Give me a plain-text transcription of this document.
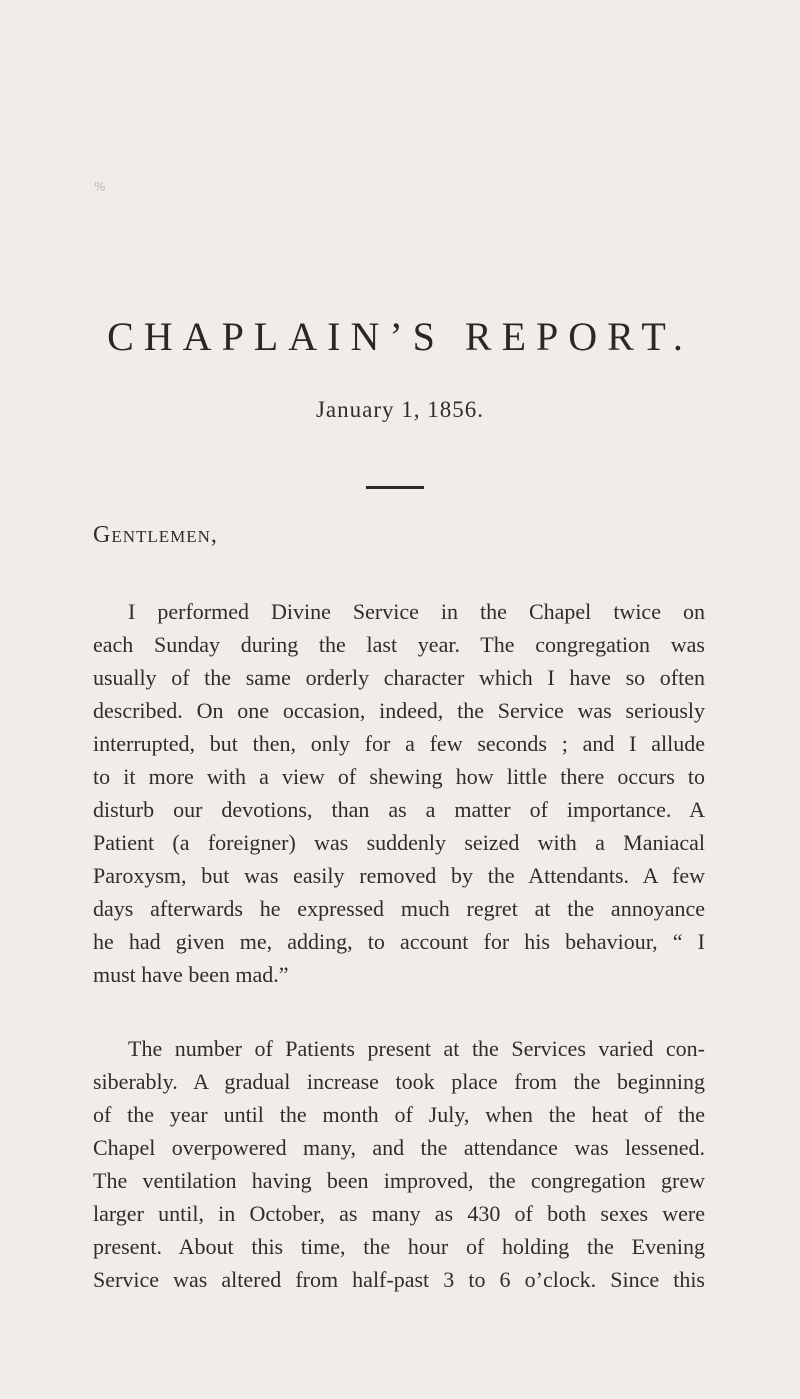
%
CHAPLAIN’S REPORT.
January 1, 1856.
Gentlemen,
I performed Divine Service in the Chapel twice on
each Sunday during the last year. The congregation was
usually of the same orderly character which I have so often
described. On one occasion, indeed, the Service was seriously
interrupted, but then, only for a few seconds ; and I allude
to it more with a view of shewing how little there occurs to
disturb our devotions, than as a matter of importance. A
Patient (a foreigner) was suddenly seized with a Maniacal
Paroxysm, but was easily removed by the Attendants. A few
days afterwards he expressed much regret at the annoyance
he had given me, adding, to account for his behaviour, “ I
must have been mad.”
The number of Patients present at the Services varied con-
siberably. A gradual increase took place from the beginning
of the year until the month of July, when the heat of the
Chapel overpowered many, and the attendance was lessened.
The ventilation having been improved, the congregation grew
larger until, in October, as many as 430 of both sexes were
present. About this time, the hour of holding the Evening
Service was altered from half-past 3 to 6 o’clock. Since this
